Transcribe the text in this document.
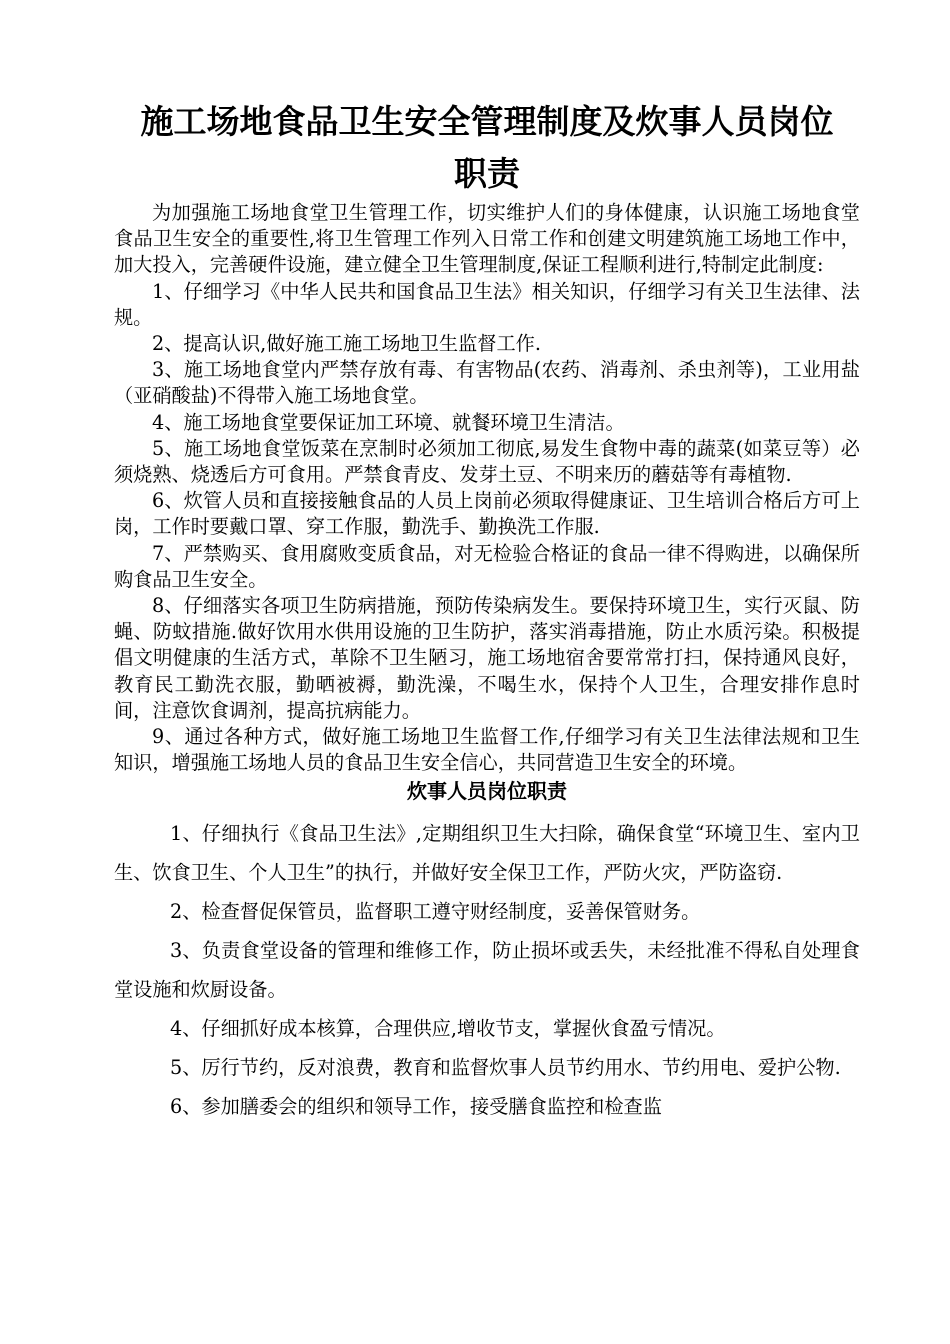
施工场地食品卫生安全管理制度及炊事人员岗位

职责

为加强施工场地食堂卫生管理工作，切实维护人们的身体健康，认识施工场地食堂食品卫生安全的重要性,将卫生管理工作列入日常工作和创建文明建筑施工场地工作中，加大投入，完善硬件设施，建立健全卫生管理制度,保证工程顺利进行,特制定此制度:

1、仔细学习《中华人民共和国食品卫生法》相关知识，仔细学习有关卫生法律、法规。

2、提高认识,做好施工施工场地卫生监督工作.

3、施工场地食堂内严禁存放有毒、有害物品(农药、消毒剂、杀虫剂等)，工业用盐（亚硝酸盐)不得带入施工场地食堂。

4、施工场地食堂要保证加工环境、就餐环境卫生清洁。

5、施工场地食堂饭菜在烹制时必须加工彻底,易发生食物中毒的蔬菜(如菜豆等）必须烧熟、烧透后方可食用。严禁食青皮、发芽土豆、不明来历的蘑菇等有毒植物.

6、炊管人员和直接接触食品的人员上岗前必须取得健康证、卫生培训合格后方可上岗，工作时要戴口罩、穿工作服，勤洗手、勤换洗工作服.

7、严禁购买、食用腐败变质食品，对无检验合格证的食品一律不得购进，以确保所购食品卫生安全。

8、仔细落实各项卫生防病措施，预防传染病发生。要保持环境卫生，实行灭鼠、防蝇、防蚊措施.做好饮用水供用设施的卫生防护，落实消毒措施，防止水质污染。积极提倡文明健康的生活方式，革除不卫生陋习，施工场地宿舍要常常打扫，保持通风良好，教育民工勤洗衣服，勤晒被褥，勤洗澡，不喝生水，保持个人卫生，合理安排作息时间，注意饮食调剂，提高抗病能力。

9、通过各种方式，做好施工场地卫生监督工作,仔细学习有关卫生法律法规和卫生知识，增强施工场地人员的食品卫生安全信心，共同营造卫生安全的环境。

炊事人员岗位职责

1、仔细执行《食品卫生法》,定期组织卫生大扫除，确保食堂“环境卫生、室内卫生、饮食卫生、个人卫生”的执行，并做好安全保卫工作，严防火灾，严防盗窃.

2、检查督促保管员，监督职工遵守财经制度，妥善保管财务。

3、负责食堂设备的管理和维修工作，防止损坏或丢失，未经批准不得私自处理食堂设施和炊厨设备。

4、仔细抓好成本核算，合理供应,增收节支，掌握伙食盈亏情况。

5、厉行节约，反对浪费，教育和监督炊事人员节约用水、节约用电、爱护公物.

6、参加膳委会的组织和领导工作，接受膳食监控和检查监
